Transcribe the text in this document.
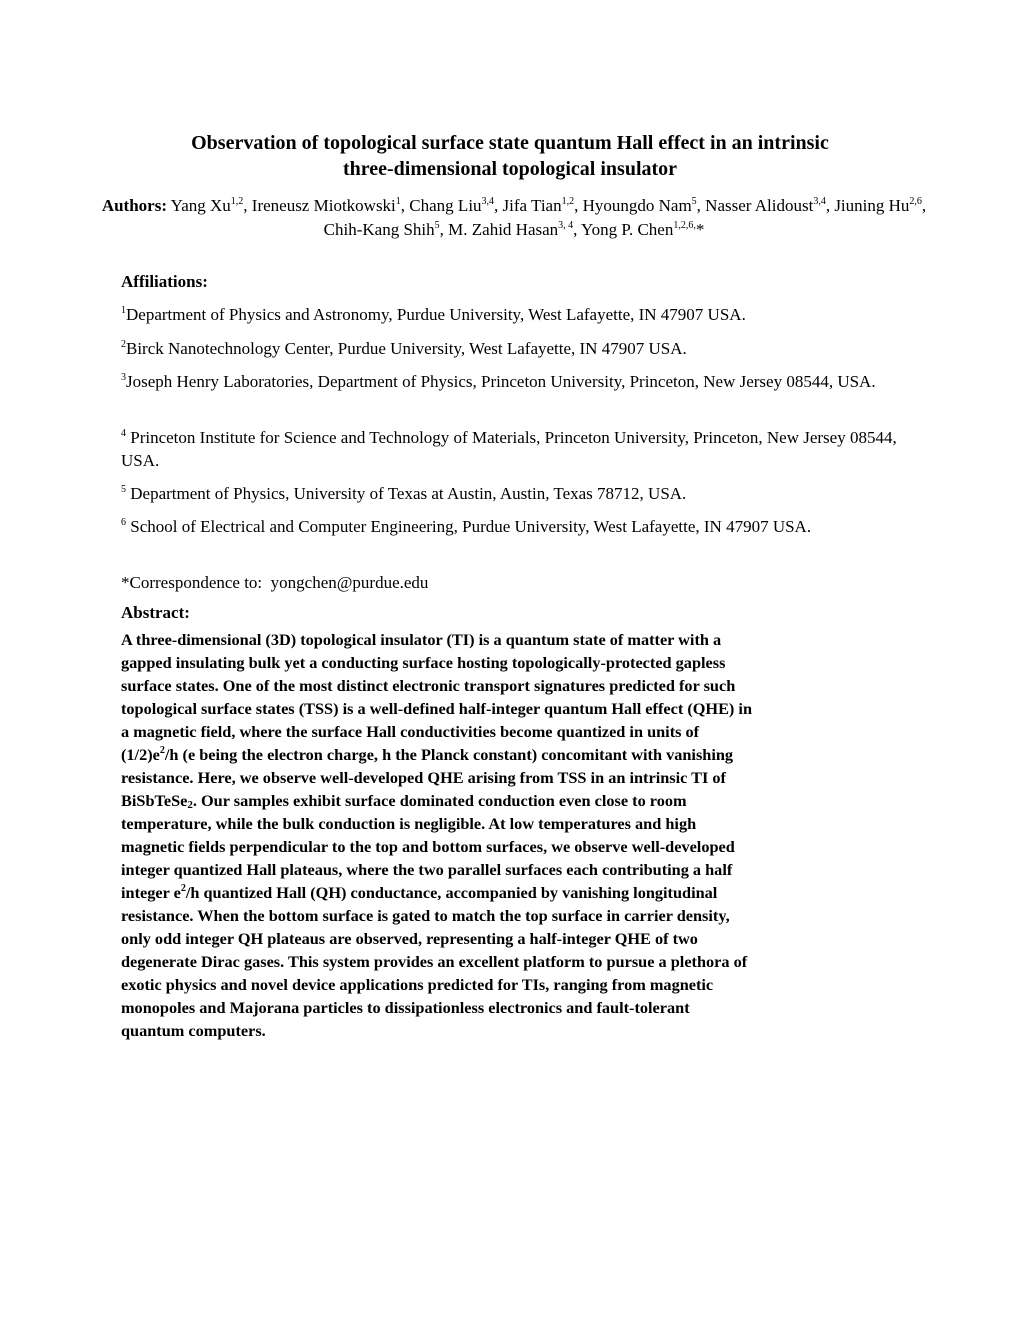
Observation of topological surface state quantum Hall effect in an intrinsic
three-dimensional topological insulator
Authors: Yang Xu$^{1,2}$, Ireneusz Miotkowski$^1$, Chang Liu$^{3,4}$, Jifa Tian$^{1,2}$, Hyoungdo Nam$^5$, Nasser Alidoust$^{3,4}$, Jiuning Hu$^{2,6}$, Chih-Kang Shih$^5$, M. Zahid Hasan$^{3, 4}$, Yong P. Chen$^{1,2,6,}$*
Affiliations:
$^1$Department of Physics and Astronomy, Purdue University, West Lafayette, IN 47907 USA.
$^2$Birck Nanotechnology Center, Purdue University, West Lafayette, IN 47907 USA.
$^3$Joseph Henry Laboratories, Department of Physics, Princeton University, Princeton, New Jersey 08544, USA.
$^4$ Princeton Institute for Science and Technology of Materials, Princeton University, Princeton, New Jersey 08544, USA.
$^5$ Department of Physics, University of Texas at Austin, Austin, Texas 78712, USA.
$^6$ School of Electrical and Computer Engineering, Purdue University, West Lafayette, IN 47907 USA.
*Correspondence to: yongchen@purdue.edu
Abstract:
A three-dimensional (3D) topological insulator (TI) is a quantum state of matter with a
gapped insulating bulk yet a conducting surface hosting topologically-protected gapless
surface states. One of the most distinct electronic transport signatures predicted for such
topological surface states (TSS) is a well-defined half-integer quantum Hall effect (QHE) in
a magnetic field, where the surface Hall conductivities become quantized in units of
$(1/2)e^2/h$ (e being the electron charge, h the Planck constant) concomitant with vanishing
resistance. Here, we observe well-developed QHE arising from TSS in an intrinsic TI of
BiSbTeSe$_2$. Our samples exhibit surface dominated conduction even close to room
temperature, while the bulk conduction is negligible. At low temperatures and high
magnetic fields perpendicular to the top and bottom surfaces, we observe well-developed
integer quantized Hall plateaus, where the two parallel surfaces each contributing a half
integer $e^2/h$ quantized Hall (QH) conductance, accompanied by vanishing longitudinal
resistance. When the bottom surface is gated to match the top surface in carrier density,
only odd integer QH plateaus are observed, representing a half-integer QHE of two
degenerate Dirac gases. This system provides an excellent platform to pursue a plethora of
exotic physics and novel device applications predicted for TIs, ranging from magnetic
monopoles and Majorana particles to dissipationless electronics and fault-tolerant
quantum computers.
